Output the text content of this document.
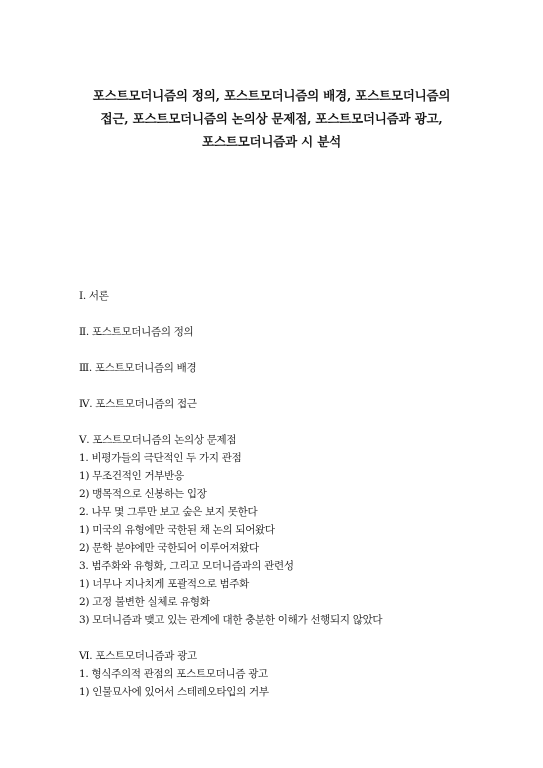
포스트모더니즘의 정의, 포스트모더니즘의 배경, 포스트모더니즘의
접근, 포스트모더니즘의 논의상 문제점, 포스트모더니즘과 광고,
포스트모더니즘과 시 분석
Ⅰ. 서론
Ⅱ. 포스트모더니즘의 정의
Ⅲ. 포스트모더니즘의 배경
Ⅳ. 포스트모더니즘의 접근
Ⅴ. 포스트모더니즘의 논의상 문제점
1. 비평가들의 극단적인 두 가지 관점
1) 무조건적인 거부반응
2) 맹목적으로 신봉하는 입장
2. 나무 몇 그루만 보고 숲은 보지 못한다
1) 미국의 유형에만 국한된 채 논의 되어왔다
2) 문학 분야에만 국한되어 이루어져왔다
3. 범주화와 유형화, 그리고 모더니즘과의 관련성
1) 너무나 지나치게 포괄적으로 범주화
2) 고정 불변한 실체로 유형화
3) 모더니즘과 맺고 있는 관계에 대한 충분한 이해가 선행되지 않았다
Ⅵ. 포스트모더니즘과 광고
1. 형식주의적 관점의 포스트모더니즘 광고
1) 인물묘사에 있어서 스테레오타입의 거부
